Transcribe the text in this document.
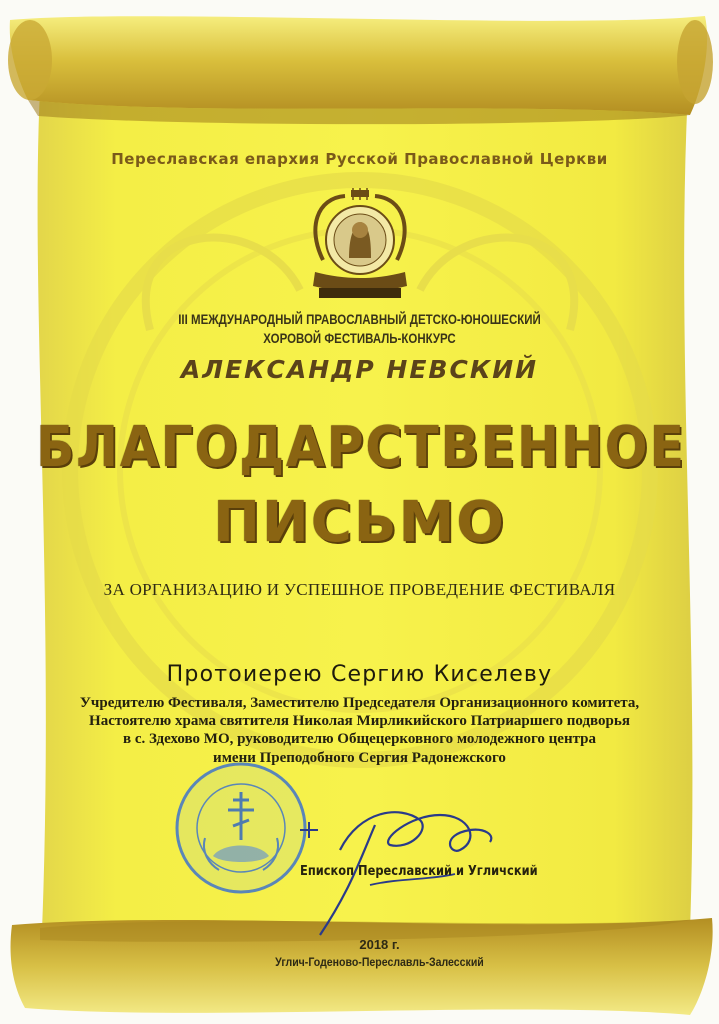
Переславская епархия Русской Православной Церкви
III МЕЖДУНАРОДНЫЙ ПРАВОСЛАВНЫЙ ДЕТСКО-ЮНОШЕСКИЙ
ХОРОВОЙ ФЕСТИВАЛЬ-КОНКУРС
АЛЕКСАНДР НЕВСКИЙ
БЛАГОДАРСТВЕННОЕ
ПИСЬМО
ЗА ОРГАНИЗАЦИЮ И УСПЕШНОЕ ПРОВЕДЕНИЕ ФЕСТИВАЛЯ
Протоиерею Сергию Киселеву
Учредителю Фестиваля, Заместителю Председателя Организационного комитета,
Настоятелю храма святителя Николая Мирликийского Патриаршего подворья
в с. Здехово МО, руководителю Общецерковного молодежного центра
имени Преподобного Сергия Радонежского
Епископ Переславский и Угличский
2018 г.
Углич-Годеново-Переславль-Залесский
